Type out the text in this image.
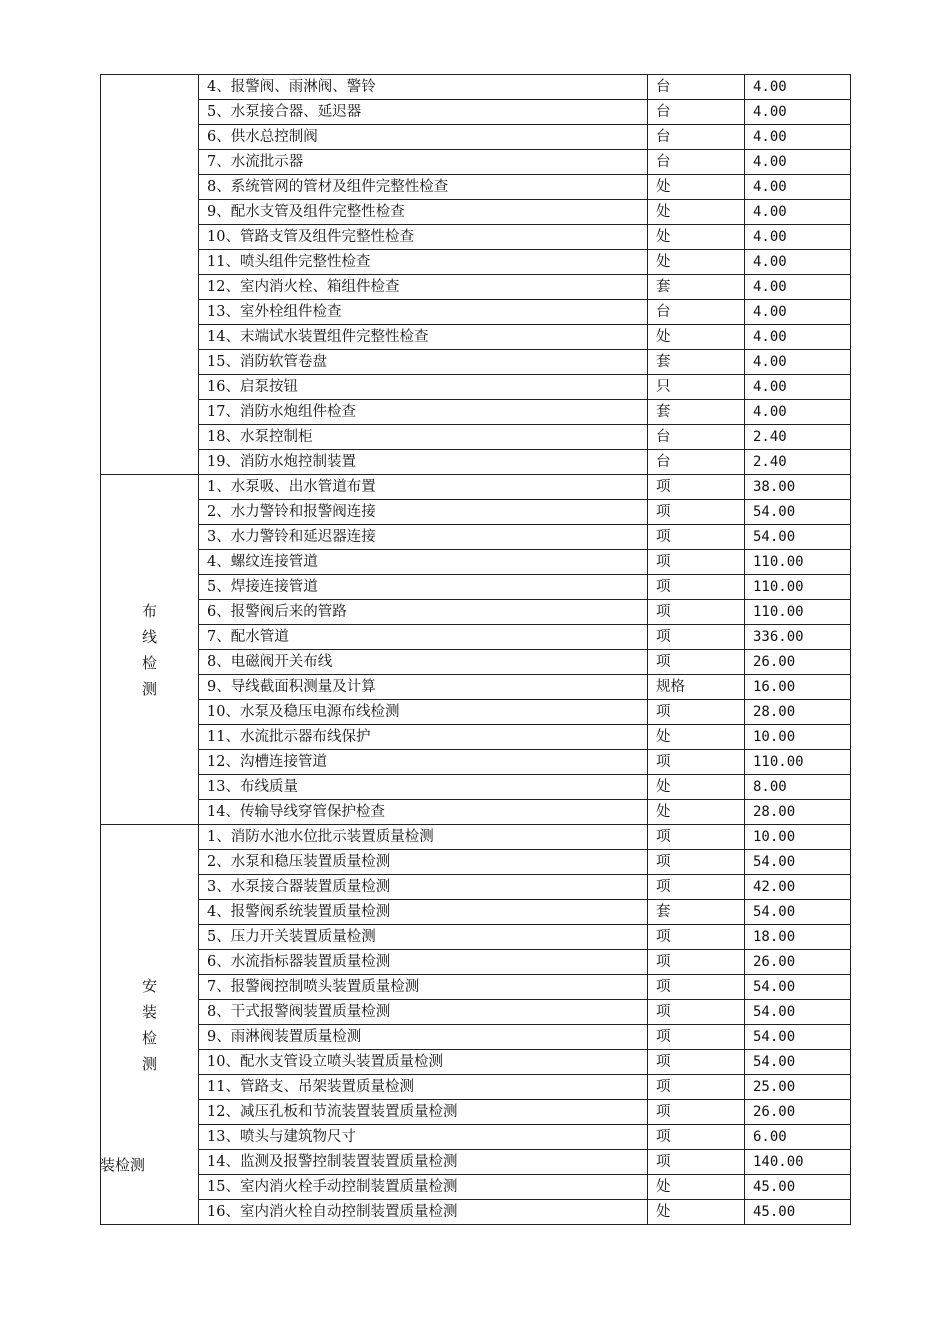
	4、报警阀、雨淋阀、警铃	台	4.00
	5、水泵接合器、延迟器	台	4.00
	6、供水总控制阀	台	4.00
	7、水流批示器	台	4.00
	8、系统管网的管材及组件完整性检查	处	4.00
	9、配水支管及组件完整性检查	处	4.00
	10、管路支管及组件完整性检查	处	4.00
	11、喷头组件完整性检查	处	4.00
	12、室内消火栓、箱组件检查	套	4.00
	13、室外栓组件检查	台	4.00
	14、末端试水装置组件完整性检查	处	4.00
	15、消防软管卷盘	套	4.00
	16、启泵按钮	只	4.00
	17、消防水炮组件检查	套	4.00
	18、水泵控制柜	台	2.40
	19、消防水炮控制装置	台	2.40
布线检测	1、水泵吸、出水管道布置	项	38.00
	2、水力警铃和报警阀连接	项	54.00
	3、水力警铃和延迟器连接	项	54.00
	4、螺纹连接管道	项	110.00
	5、焊接连接管道	项	110.00
	6、报警阀后来的管路	项	110.00
	7、配水管道	项	336.00
	8、电磁阀开关布线	项	26.00
	9、导线截面积测量及计算	规格	16.00
	10、水泵及稳压电源布线检测	项	28.00
	11、水流批示器布线保护	处	10.00
	12、沟槽连接管道	项	110.00
	13、布线质量	处	8.00
	14、传输导线穿管保护检查	处	28.00
安装检测	1、消防水池水位批示装置质量检测	项	10.00
	2、水泵和稳压装置质量检测	项	54.00
	3、水泵接合器装置质量检测	项	42.00
	4、报警阀系统装置质量检测	套	54.00
	5、压力开关装置质量检测	项	18.00
	6、水流指标器装置质量检测	项	26.00
	7、报警阀控制喷头装置质量检测	项	54.00
	8、干式报警阀装置质量检测	项	54.00
	9、雨淋阀装置质量检测	项	54.00
	10、配水支管设立喷头装置质量检测	项	54.00
	11、管路支、吊架装置质量检测	项	25.00
	12、减压孔板和节流装置装置质量检测	项	26.00
	13、喷头与建筑物尺寸	项	6.00
	14、监测及报警控制装置装置质量检测	项	140.00
	15、室内消火栓手动控制装置质量检测	处	45.00
	16、室内消火栓自动控制装置质量检测	处	45.00
装检测
